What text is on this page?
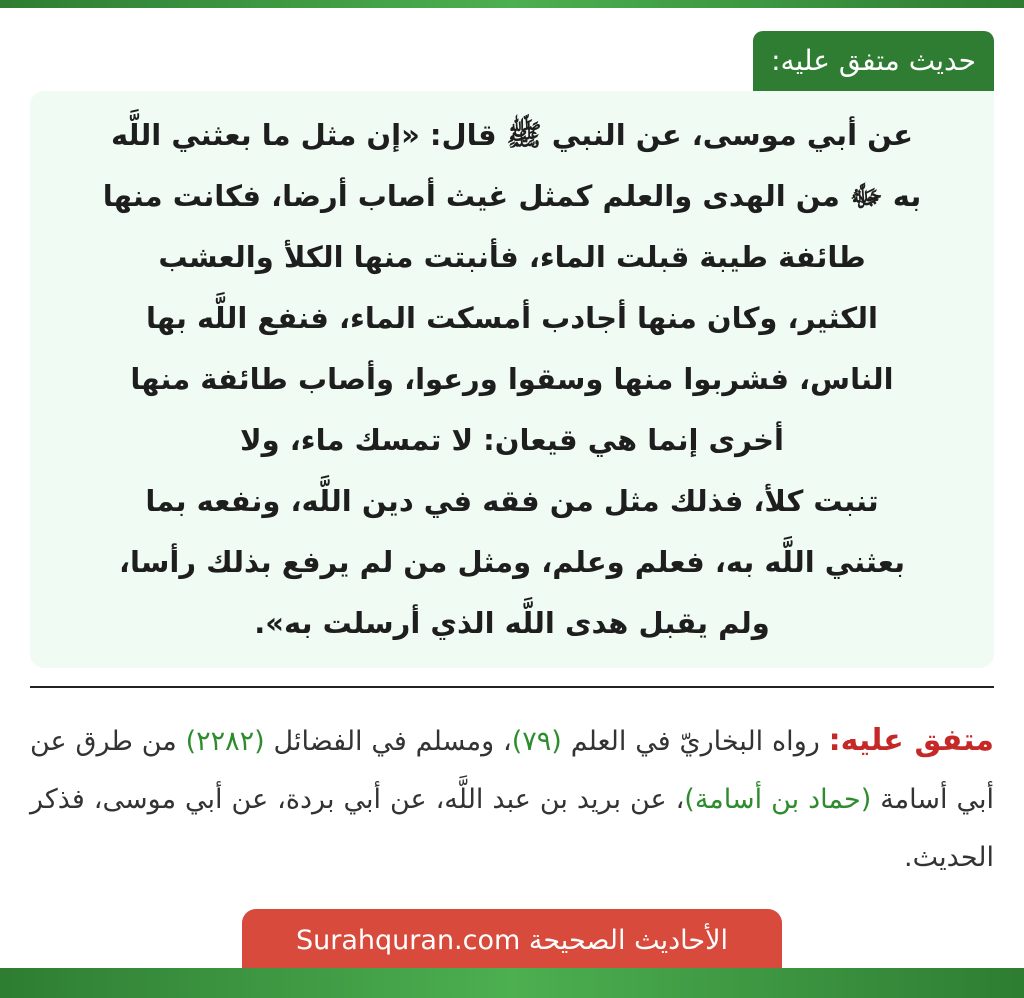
حديث متفق عليه:

عن أبي موسى، عن النبي ﷺ قال: «إن مثل ما بعثني اللَّه
به ﷻ من الهدى والعلم كمثل غيث أصاب أرضا، فكانت منها
طائفة طيبة قبلت الماء، فأنبتت منها الكلأ والعشب
الكثير، وكان منها أجادب أمسكت الماء، فنفع اللَّه بها
الناس، فشربوا منها وسقوا ورعوا، وأصاب طائفة منها
أخرى إنما هي قيعان: لا تمسك ماء، ولا
تنبت كلأ، فذلك مثل من فقه في دين اللَّه، ونفعه بما
بعثني اللَّه به، فعلم وعلم، ومثل من لم يرفع بذلك رأسا،
ولم يقبل هدى اللَّه الذي أرسلت به».

متفق عليه: رواه البخاريّ في العلم (٧٩)، ومسلم في الفضائل (٢٢٨٢) من طرق عن أبي أسامة (حماد بن أسامة)، عن بريد بن عبد اللَّه، عن أبي بردة، عن أبي موسى، فذكر الحديث.

الأحاديث الصحيحة Surahquran.com
